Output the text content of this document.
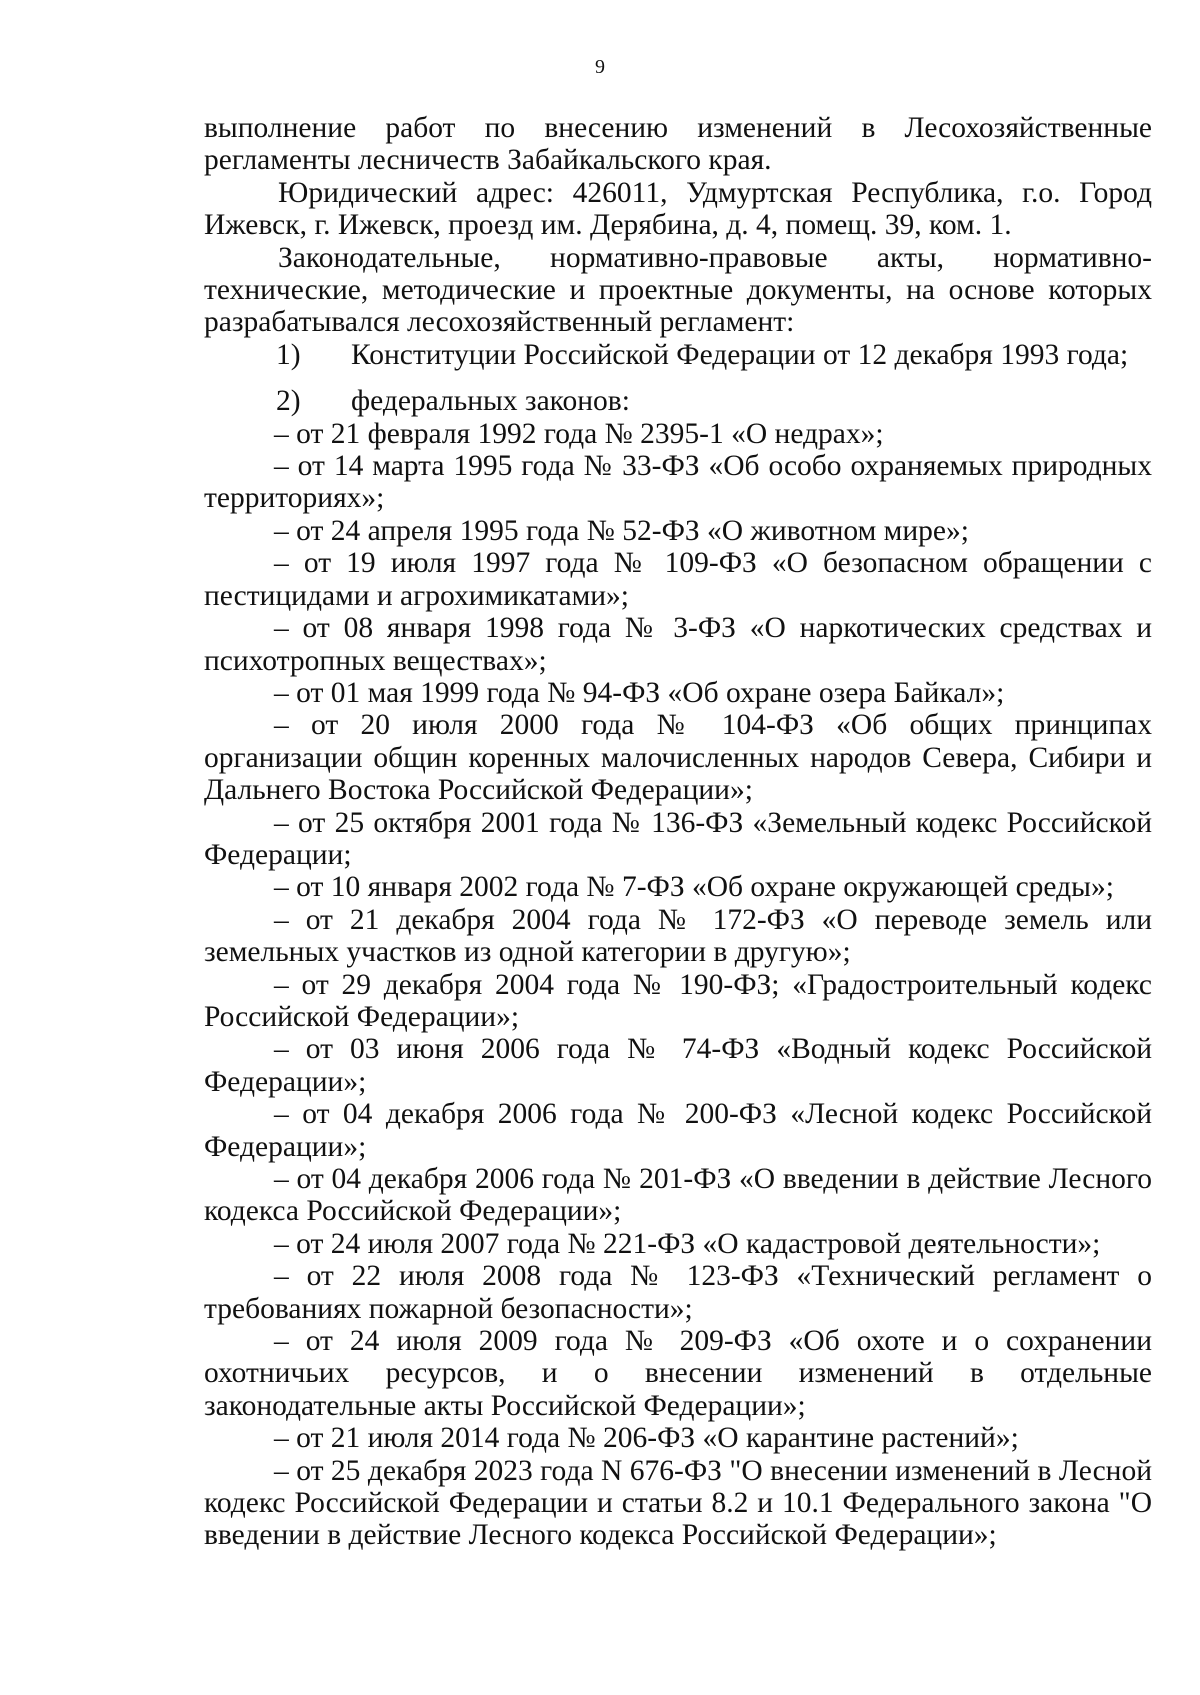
9

выполнение работ по внесению изменений в Лесохозяйственные регламенты лесничеств Забайкальского края.

Юридический адрес: 426011, Удмуртская Республика, г.о. Город Ижевск, г. Ижевск, проезд им. Дерябина, д. 4, помещ. 39, ком. 1.

Законодательные, нормативно-правовые акты, нормативно-технические, методические и проектные документы, на основе которых разрабатывался лесохозяйственный регламент:

1)	Конституции Российской Федерации от 12 декабря 1993 года;

2)	федеральных законов:

– от 21 февраля 1992 года № 2395-1 «О недрах»;

– от 14 марта 1995 года № 33-ФЗ «Об особо охраняемых природных территориях»;

– от 24 апреля 1995 года № 52-ФЗ «О животном мире»;

– от 19 июля 1997 года № 109-ФЗ «О безопасном обращении с пестицидами и агрохимикатами»;

– от 08 января 1998 года № 3-ФЗ «О наркотических средствах и психотропных веществах»;

– от 01 мая 1999 года № 94-ФЗ «Об охране озера Байкал»;

– от 20 июля 2000 года № 104-ФЗ «Об общих принципах организации общин коренных малочисленных народов Севера, Сибири и Дальнего Востока Российской Федерации»;

– от 25 октября 2001 года № 136-ФЗ «Земельный кодекс Российской Федерации;

– от 10 января 2002 года № 7-ФЗ «Об охране окружающей среды»;

– от 21 декабря 2004 года № 172-ФЗ «О переводе земель или земельных участков из одной категории в другую»;

– от 29 декабря 2004 года № 190-ФЗ; «Градостроительный кодекс Российской Федерации»;

– от 03 июня 2006 года № 74-ФЗ «Водный кодекс Российской Федерации»;

– от 04 декабря 2006 года № 200-ФЗ «Лесной кодекс Российской Федерации»;

– от 04 декабря 2006 года № 201-ФЗ «О введении в действие Лесного кодекса Российской Федерации»;

– от 24 июля 2007 года № 221-ФЗ «О кадастровой деятельности»;

– от 22 июля 2008 года № 123-ФЗ «Технический регламент о требованиях пожарной безопасности»;

– от 24 июля 2009 года № 209-ФЗ «Об охоте и о сохранении охотничьих ресурсов, и о внесении изменений в отдельные законодательные акты Российской Федерации»;

– от 21 июля 2014 года № 206-ФЗ «О карантине растений»;

– от 25 декабря 2023 года N 676-ФЗ "О внесении изменений в Лесной кодекс Российской Федерации и статьи 8.2 и 10.1 Федерального закона "О введении в действие Лесного кодекса Российской Федерации»;
